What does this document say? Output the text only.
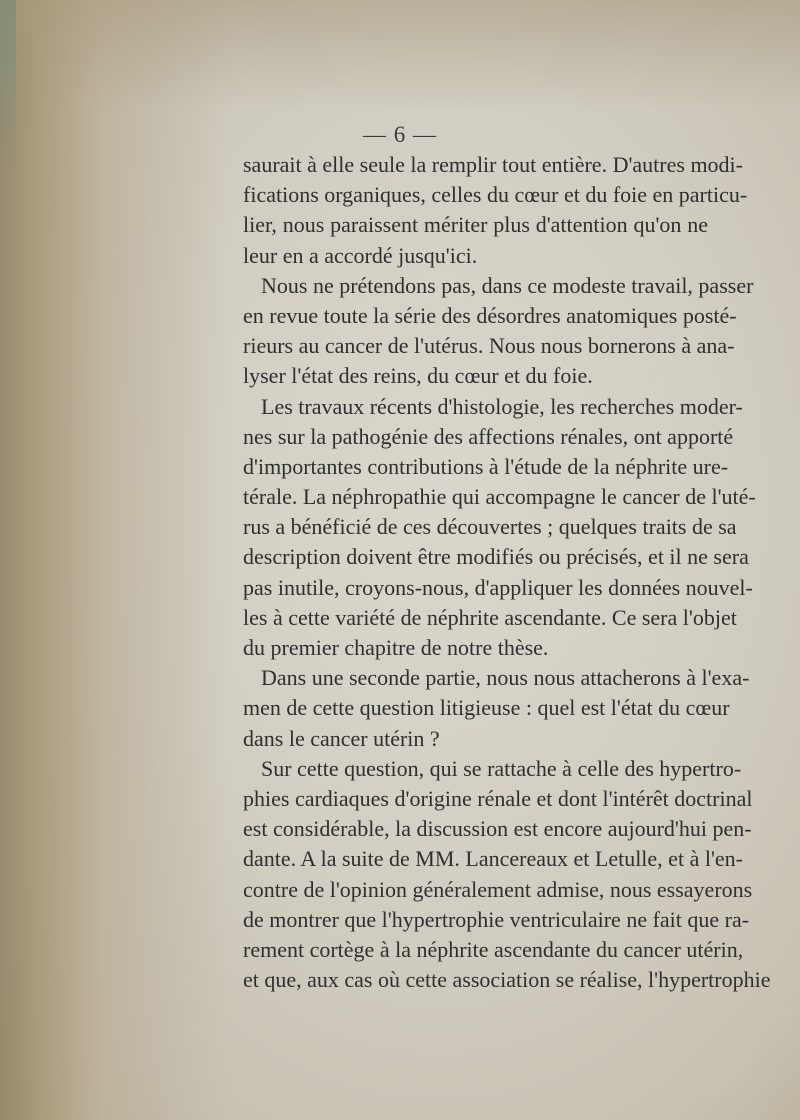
— 6 —
saurait à elle seule la remplir tout entière. D'autres modi-
fications organiques, celles du cœur et du foie en particu-
lier, nous paraissent mériter plus d'attention qu'on ne
leur en a accordé jusqu'ici.
Nous ne prétendons pas, dans ce modeste travail, passer
en revue toute la série des désordres anatomiques posté-
rieurs au cancer de l'utérus. Nous nous bornerons à ana-
lyser l'état des reins, du cœur et du foie.
Les travaux récents d'histologie, les recherches moder-
nes sur la pathogénie des affections rénales, ont apporté
d'importantes contributions à l'étude de la néphrite ure-
térale. La néphropathie qui accompagne le cancer de l'uté-
rus a bénéficié de ces découvertes ; quelques traits de sa
description doivent être modifiés ou précisés, et il ne sera
pas inutile, croyons-nous, d'appliquer les données nouvel-
les à cette variété de néphrite ascendante. Ce sera l'objet
du premier chapitre de notre thèse.
Dans une seconde partie, nous nous attacherons à l'exa-
men de cette question litigieuse : quel est l'état du cœur
dans le cancer utérin ?
Sur cette question, qui se rattache à celle des hypertro-
phies cardiaques d'origine rénale et dont l'intérêt doctrinal
est considérable, la discussion est encore aujourd'hui pen-
dante. A la suite de MM. Lancereaux et Letulle, et à l'en-
contre de l'opinion généralement admise, nous essayerons
de montrer que l'hypertrophie ventriculaire ne fait que ra-
rement cortège à la néphrite ascendante du cancer utérin,
et que, aux cas où cette association se réalise, l'hypertrophie
